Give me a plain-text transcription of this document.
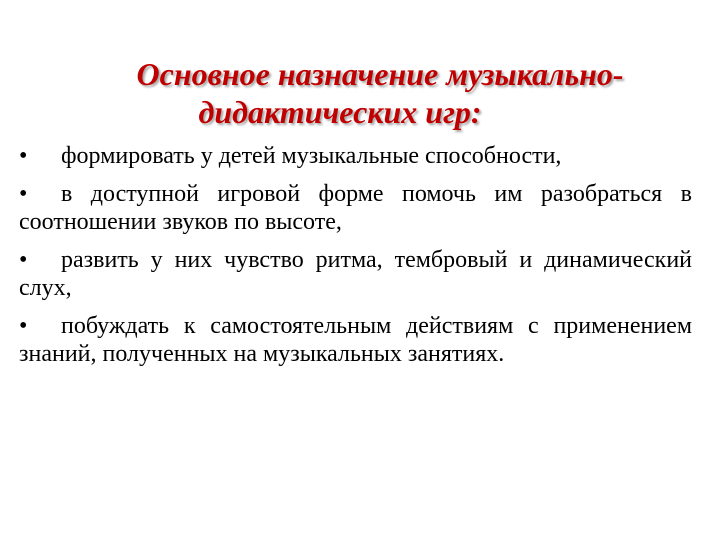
Основное назначение музыкально-
дидактических игр:
• формировать у детей музыкальные способности,
• в доступной игровой форме помочь им разобраться в соотношении звуков по высоте,
• развить у них чувство ритма, тембровый и динамический слух,
• побуждать к самостоятельным действиям с применением знаний, полученных на музыкальных занятиях.
